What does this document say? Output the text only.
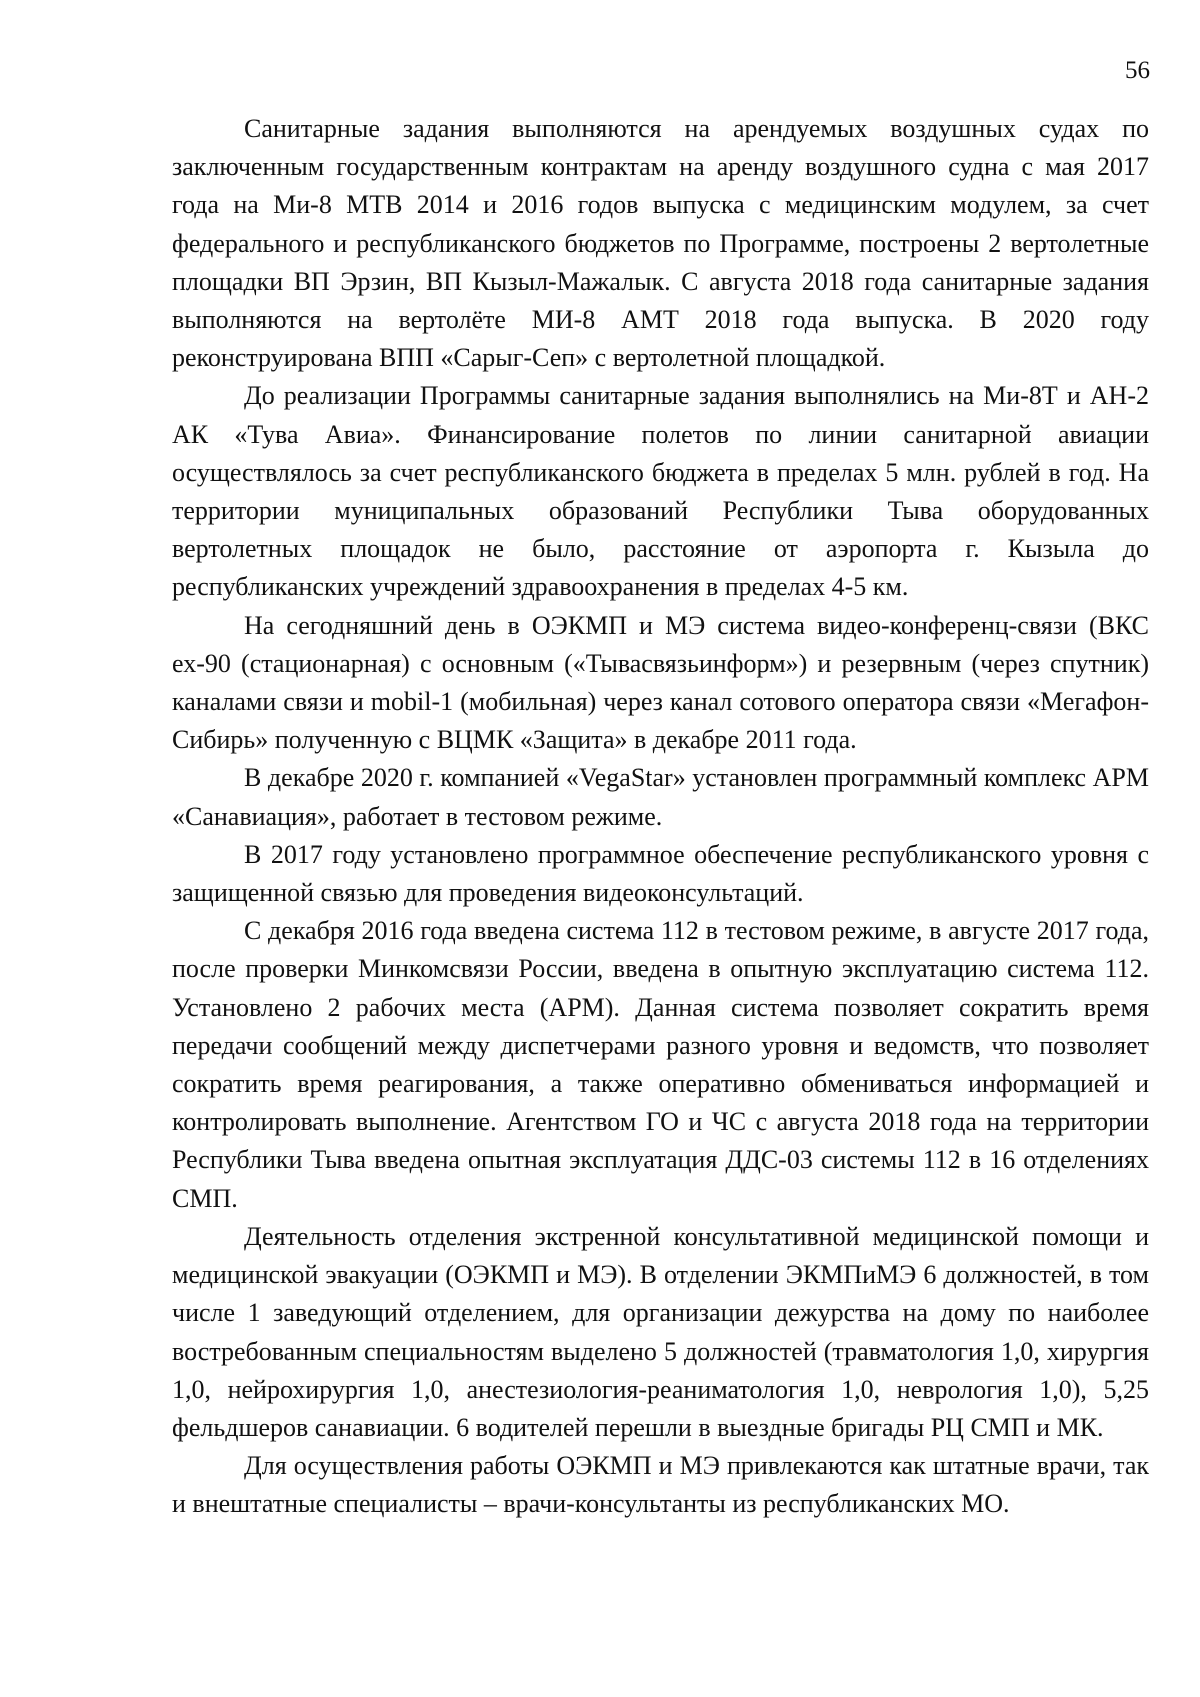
56

Санитарные задания выполняются на арендуемых воздушных судах по заключенным государственным контрактам на аренду воздушного судна с мая 2017 года на Ми-8 МТВ 2014 и 2016 годов выпуска с медицинским модулем, за счет федерального и республиканского бюджетов по Программе, построены 2 вертолетные площадки ВП Эрзин, ВП Кызыл-Мажалык. С августа 2018 года санитарные задания выполняются на вертолёте МИ-8 АМТ 2018 года выпуска. В 2020 году реконструирована ВПП «Сарыг-Сеп» с вертолетной площадкой.

До реализации Программы санитарные задания выполнялись на Ми-8Т и АН-2 АК «Тува Авиа». Финансирование полетов по линии санитарной авиации осуществлялось за счет республиканского бюджета в пределах 5 млн. рублей в год. На территории муниципальных образований Республики Тыва оборудованных вертолетных площадок не было, расстояние от аэропорта г. Кызыла до республиканских учреждений здравоохранения в пределах 4-5 км.

На сегодняшний день в ОЭКМП и МЭ система видео-конференц-связи (ВКС ех-90 (стационарная) с основным («Тывасвязьинформ») и резервным (через спутник) каналами связи и mobil-1 (мобильная) через канал сотового оператора связи «Мегафон-Сибирь» полученную с ВЦМК «Защита» в декабре 2011 года.

В декабре 2020 г. компанией «VegaStar» установлен программный комплекс АРМ «Санавиация», работает в тестовом режиме.

В 2017 году установлено программное обеспечение республиканского уровня с защищенной связью для проведения видеоконсультаций.

С декабря 2016 года введена система 112 в тестовом режиме, в августе 2017 года, после проверки Минкомсвязи России, введена в опытную эксплуатацию система 112. Установлено 2 рабочих места (АРМ). Данная система позволяет сократить время передачи сообщений между диспетчерами разного уровня и ведомств, что позволяет сократить время реагирования, а также оперативно обмениваться информацией и контролировать выполнение. Агентством ГО и ЧС с августа 2018 года на территории Республики Тыва введена опытная эксплуатация ДДС-03 системы 112 в 16 отделениях СМП.

Деятельность отделения экстренной консультативной медицинской помощи и медицинской эвакуации (ОЭКМП и МЭ). В отделении ЭКМПиМЭ 6 должностей, в том числе 1 заведующий отделением, для организации дежурства на дому по наиболее востребованным специальностям выделено 5 должностей (травматология 1,0, хирургия 1,0, нейрохирургия 1,0, анестезиология-реаниматология 1,0, неврология 1,0), 5,25 фельдшеров санавиации. 6 водителей перешли в выездные бригады РЦ СМП и МК.

Для осуществления работы ОЭКМП и МЭ привлекаются как штатные врачи, так и внештатные специалисты – врачи-консультанты из республиканских МО.
